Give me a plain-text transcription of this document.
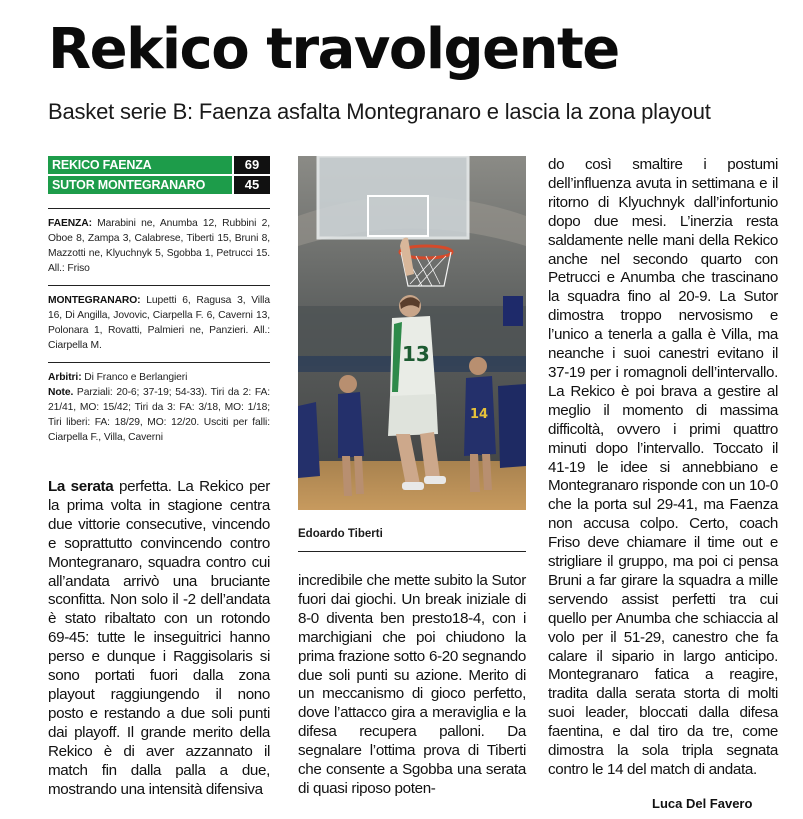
Rekico travolgente
Basket serie B: Faenza asfalta Montegranaro e lascia la zona playout
REKICO FAENZA	69
SUTOR MONTEGRANARO	45

FAENZA: Marabini ne, Anumba 12, Rubbini 2, Oboe 8, Zampa 3, Calabrese, Tiberti 15, Bruni 8, Mazzotti ne, Klyuchnyk 5, Sgobba 1, Petrucci 15. All.: Friso

MONTEGRANARO: Lupetti 6, Ragusa 3, Villa 16, Di Angilla, Jovovic, Ciarpella F. 6, Caverni 13, Polonara 1, Rovatti, Palmieri ne, Panzieri. All.: Ciarpella M.

Arbitri: Di Franco e Berlangieri

Note. Parziali: 20-6; 37-19; 54-33). Tiri da 2: FA: 21/41, MO: 15/42; Tiri da 3: FA: 3/18, MO: 1/18; Tiri liberi: FA: 18/29, MO: 12/20. Usciti per falli: Ciarpella F., Villa, Caverni

La serata perfetta. La Rekico per la prima volta in stagione centra due vittorie consecutive, vincendo e soprattutto convincendo contro Montegranaro, squadra contro cui all’andata arrivò una bruciante sconfitta. Non solo il -2 dell’andata è stato ribaltato con un rotondo 69-45: tutte le inseguitrici hanno perso e dunque i Raggisolaris si sono portati fuori dalla zona playout raggiungendo il nono posto e restando a due soli punti dai playoff. Il grande merito della Rekico è di aver azzannato il match fin dalla palla a due, mostrando una intensità difensiva

13
14

Edoardo Tiberti

incredibile che mette subito la Sutor fuori dai giochi. Un break iniziale di 8-0 diventa ben presto18-4, con i marchigiani che poi chiudono la prima frazione sotto 6-20 segnando due soli punti su azione. Merito di un meccanismo di gioco perfetto, dove l’attacco gira a meraviglia e la difesa recupera palloni. Da segnalare l’ottima prova di Tiberti che consente a Sgobba una serata di quasi riposo poten-

do così smaltire i postumi dell’influenza avuta in settimana e il ritorno di Klyuchnyk dall’infortunio dopo due mesi. L’inerzia resta saldamente nelle mani della Rekico anche nel secondo quarto con Petrucci e Anumba che trascinano la squadra fino al 20-9. La Sutor dimostra troppo nervosismo e l’unico a tenerla a galla è Villa, ma neanche i suoi canestri evitano il 37-19 per i romagnoli dell’intervallo. La Rekico è poi brava a gestire al meglio il momento di massima difficoltà, ovvero i primi quattro minuti dopo l’intervallo. Toccato il 41-19 le idee si annebbiano e Montegranaro risponde con un 10-0 che la porta sul 29-41, ma Faenza non accusa colpo. Certo, coach Friso deve chiamare il time out e strigliare il gruppo, ma poi ci pensa Bruni a far girare la squadra a mille servendo assist perfetti tra cui quello per Anumba che schiaccia al volo per il 51-29, canestro che fa calare il sipario in largo anticipo. Montegranaro fatica a reagire, tradita dalla serata storta di molti suoi leader, bloccati dalla difesa faentina, e dal tiro da tre, come dimostra la sola tripla segnata contro le 14 del match di andata.

Luca Del Favero
